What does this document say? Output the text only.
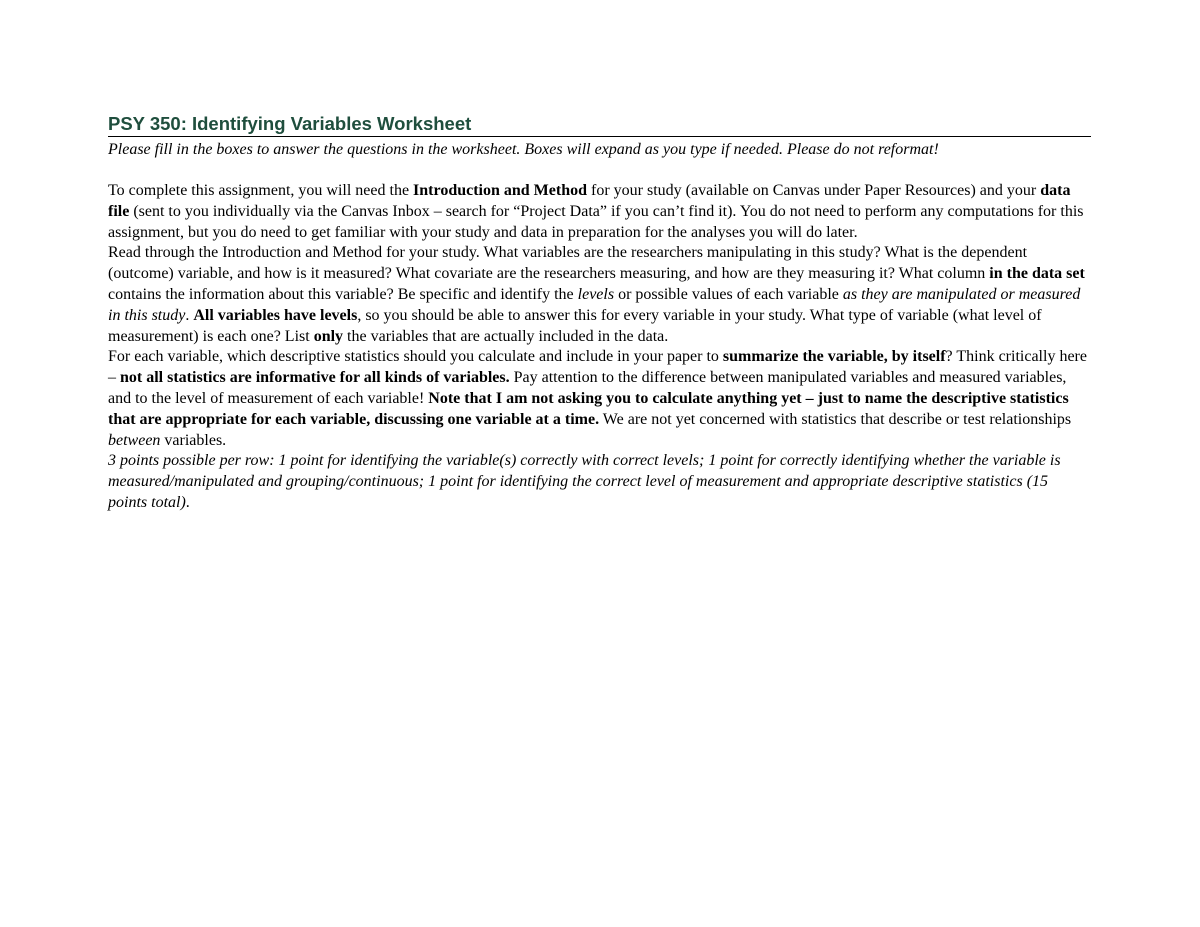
PSY 350: Identifying Variables Worksheet

Please fill in the boxes to answer the questions in the worksheet. Boxes will expand as you type if needed. Please do not reformat!

To complete this assignment, you will need the Introduction and Method for your study (available on Canvas under Paper Resources) and your data file (sent to you individually via the Canvas Inbox – search for “Project Data” if you can’t find it). You do not need to perform any computations for this assignment, but you do need to get familiar with your study and data in preparation for the analyses you will do later.

Read through the Introduction and Method for your study. What variables are the researchers manipulating in this study? What is the dependent (outcome) variable, and how is it measured? What covariate are the researchers measuring, and how are they measuring it? What column in the data set contains the information about this variable? Be specific and identify the levels or possible values of each variable as they are manipulated or measured in this study. All variables have levels, so you should be able to answer this for every variable in your study. What type of variable (what level of measurement) is each one? List only the variables that are actually included in the data.

For each variable, which descriptive statistics should you calculate and include in your paper to summarize the variable, by itself? Think critically here – not all statistics are informative for all kinds of variables. Pay attention to the difference between manipulated variables and measured variables, and to the level of measurement of each variable! Note that I am not asking you to calculate anything yet – just to name the descriptive statistics that are appropriate for each variable, discussing one variable at a time. We are not yet concerned with statistics that describe or test relationships between variables.

3 points possible per row: 1 point for identifying the variable(s) correctly with correct levels; 1 point for correctly identifying whether the variable is measured/manipulated and grouping/continuous; 1 point for identifying the correct level of measurement and appropriate descriptive statistics (15 points total).
